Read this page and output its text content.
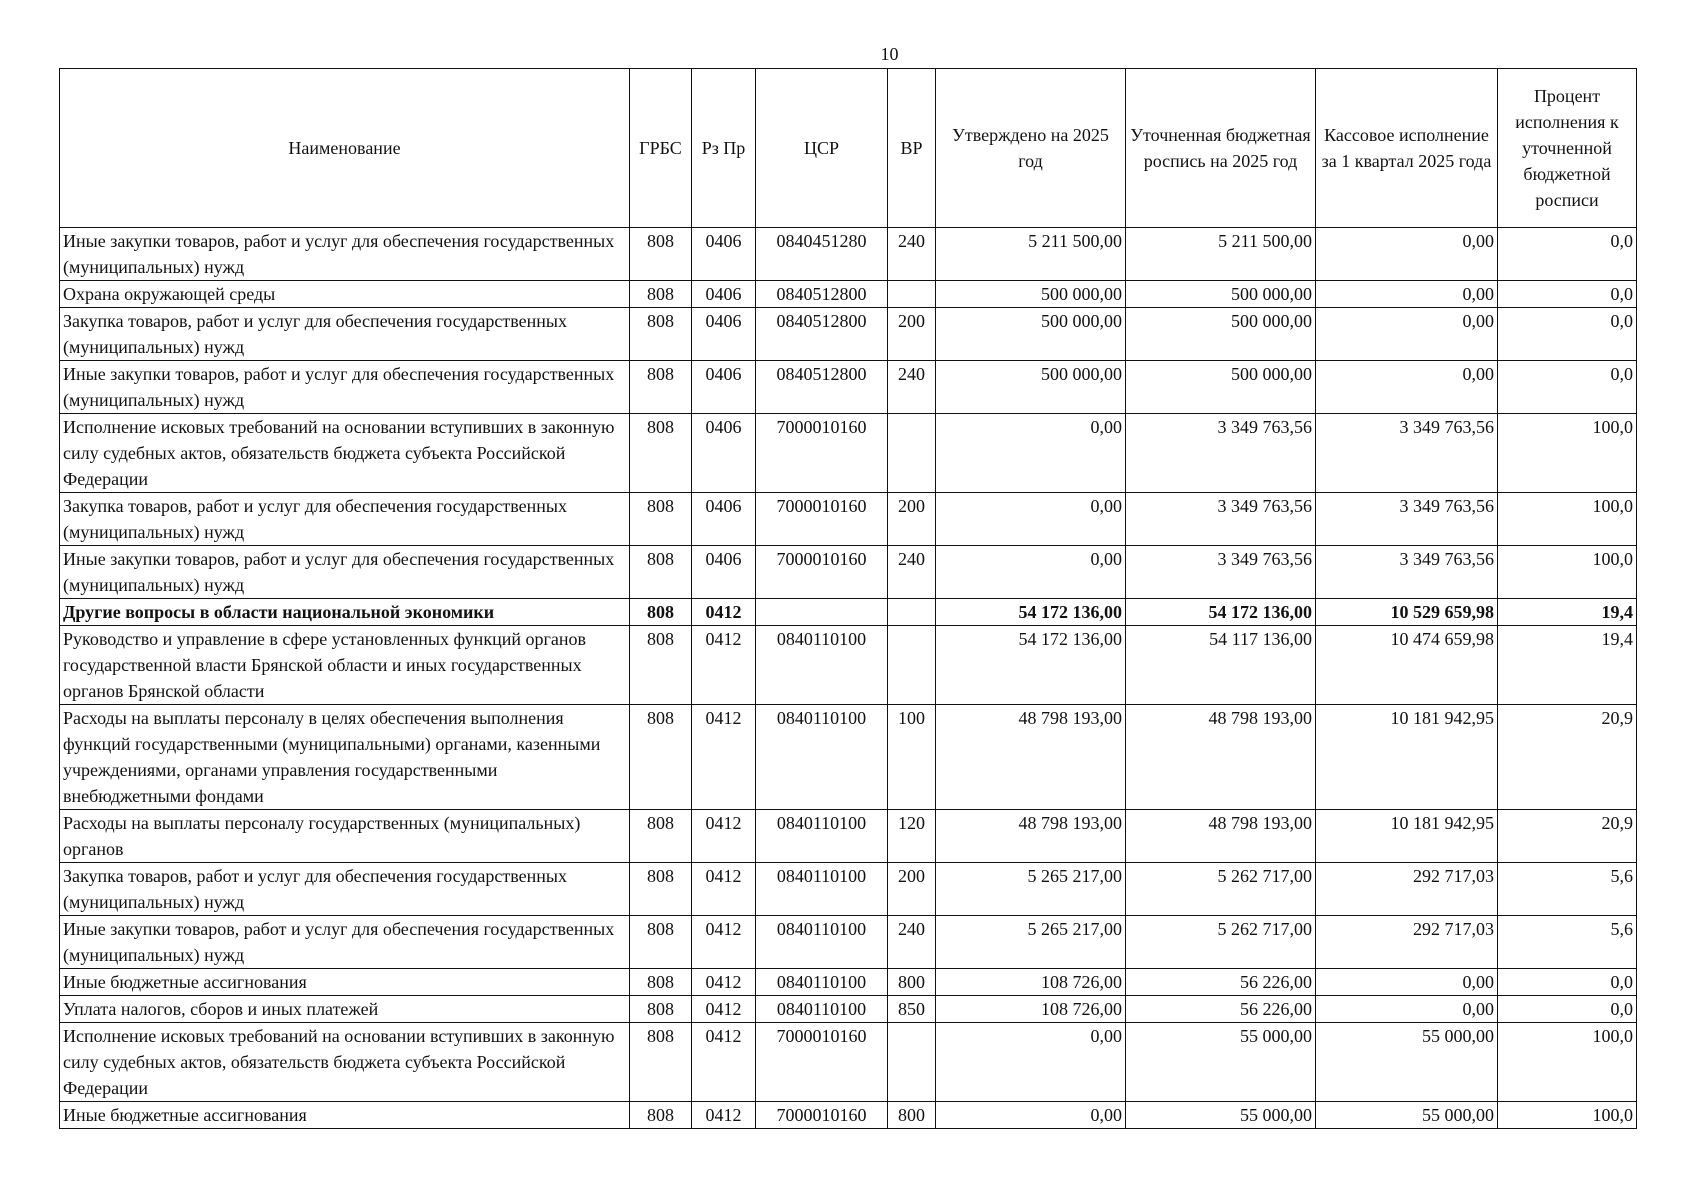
10
Наименование	ГРБС	Рз Пр	ЦСР	ВР	Утверждено на 2025 год	Уточненная бюджетная роспись на 2025 год	Кассовое исполнение за 1 квартал 2025 года	Процент исполнения к уточненной бюджетной росписи
Иные закупки товаров, работ и услуг для обеспечения государственных (муниципальных) нужд	808	0406	0840451280	240	5 211 500,00	5 211 500,00	0,00	0,0
Охрана окружающей среды	808	0406	0840512800		500 000,00	500 000,00	0,00	0,0
Закупка товаров, работ и услуг для обеспечения государственных (муниципальных) нужд	808	0406	0840512800	200	500 000,00	500 000,00	0,00	0,0
Иные закупки товаров, работ и услуг для обеспечения государственных (муниципальных) нужд	808	0406	0840512800	240	500 000,00	500 000,00	0,00	0,0
Исполнение исковых требований на основании вступивших в законную силу судебных актов, обязательств бюджета субъекта Российской Федерации	808	0406	7000010160		0,00	3 349 763,56	3 349 763,56	100,0
Закупка товаров, работ и услуг для обеспечения государственных (муниципальных) нужд	808	0406	7000010160	200	0,00	3 349 763,56	3 349 763,56	100,0
Иные закупки товаров, работ и услуг для обеспечения государственных (муниципальных) нужд	808	0406	7000010160	240	0,00	3 349 763,56	3 349 763,56	100,0
Другие вопросы в области национальной экономики	808	0412			54 172 136,00	54 172 136,00	10 529 659,98	19,4
Руководство и управление в сфере установленных функций органов государственной власти Брянской области и иных государственных органов Брянской области	808	0412	0840110100		54 172 136,00	54 117 136,00	10 474 659,98	19,4
Расходы на выплаты персоналу в целях обеспечения выполнения функций государственными (муниципальными) органами, казенными учреждениями, органами управления государственными внебюджетными фондами	808	0412	0840110100	100	48 798 193,00	48 798 193,00	10 181 942,95	20,9
Расходы на выплаты персоналу государственных (муниципальных) органов	808	0412	0840110100	120	48 798 193,00	48 798 193,00	10 181 942,95	20,9
Закупка товаров, работ и услуг для обеспечения государственных (муниципальных) нужд	808	0412	0840110100	200	5 265 217,00	5 262 717,00	292 717,03	5,6
Иные закупки товаров, работ и услуг для обеспечения государственных (муниципальных) нужд	808	0412	0840110100	240	5 265 217,00	5 262 717,00	292 717,03	5,6
Иные бюджетные ассигнования	808	0412	0840110100	800	108 726,00	56 226,00	0,00	0,0
Уплата налогов, сборов и иных платежей	808	0412	0840110100	850	108 726,00	56 226,00	0,00	0,0
Исполнение исковых требований на основании вступивших в законную силу судебных актов, обязательств бюджета субъекта Российской Федерации	808	0412	7000010160		0,00	55 000,00	55 000,00	100,0
Иные бюджетные ассигнования	808	0412	7000010160	800	0,00	55 000,00	55 000,00	100,0
